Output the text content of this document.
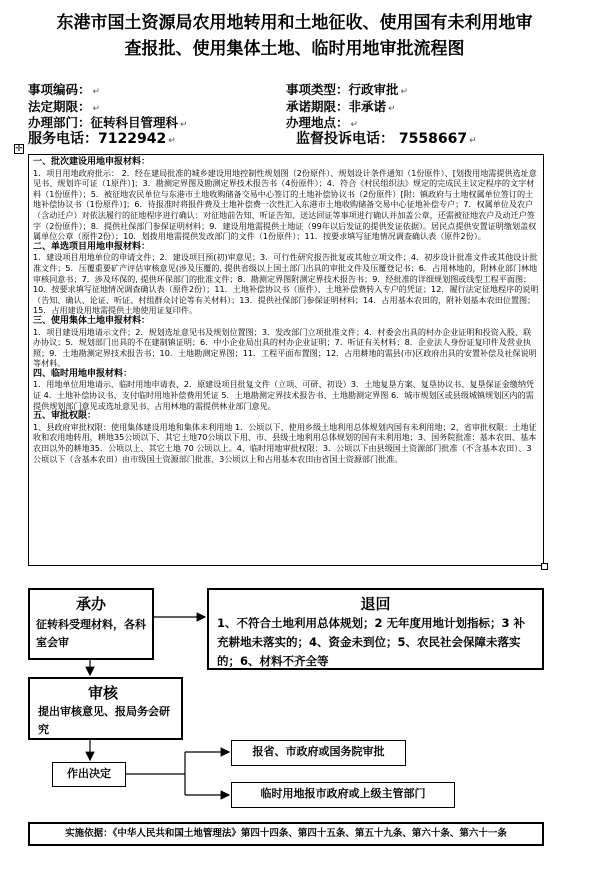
东港市国土资源局农用地转用和土地征收、使用国有未利用地审
查报批、使用集体土地、临时用地审批流程图
事项编码： ↵	事项类型：行政审批 ↵
法定期限： ↵	承诺期限：非承诺 ↵
办理部门：征转科目管理科 ↵	办理地点： ↵
服务电话：7122942 ↵	监督投诉电话： 7558667 ↵
✛

一、批次建设用地申报材料：

1．项目用地政府批示： 2．经在建局批准的城乡建设用地控制性规划图（2份原件）、规划设计条件通知（1份原件）、[划拨用地需提供选址意见书、规划许可证（1原件）]；3．勘测定界图及勘测定界技术报告书（4份原件）；4．符合《村民组织法》规定的完成民主议定程序的文字材料（1份原件）；5．被征地农民单位与东港市土地收购储备交易中心签订的土地补偿协议书（2份原件）[附：镇政府与土地权属单位签订的土地补偿协议书（1份原件）]；6．待报准时将报件费及土地补偿费一次性汇入东港市土地收购储备交易中心征地补偿专户；7．权属单位及农户（含动迁户）对依法履行的征地程序进行确认：对征地前告知、听证告知、送达回证等事项进行确认并加盖公章，还需被征地农户及动迁户签字（2份原件）；8．提供社保部门参保证明材料；9．建设用地需提供土地证（99年以后发证的提供发证依据）。居民点提供安置证明缴划盖权属单位公章（原件2份）；10．划拨用地需提供发改部门的文件（1份原件）；11．按要求填写征地情况调查确认表（原件2份）。

二、单选项目用地申报材料：

1．建设项目用地单位的申请文件；2．建设项目预(初)审意见；3．可行性研究报告批复或其他立项文件；4．初步设计批准文件或其他设计批准文件；5．压覆重要矿产评估审核意见(涉及压覆的, 提供省级以上国土部门出具的审批文件及压覆登记书；6．占用林地的，附林业部门林地审核同意书；7．涉及环保的, 提供环保部门的批准文件；8．勘测定界图附测定界技术报告书；9．经批准的详细规划图或线型工程平面图；10．按要求填写征地情况调查确认表（原件2份）；11．土地补偿协议书（原件）、土地补偿费转入专户的凭证；12．履行法定征地程序的说明（告知、确认、论证、听证、村组群众讨论等有关材料）；13．提供社保部门参保证明材料；14．占用基本农田的，附补划基本农田位置图；15．占用建设用地需提供土地使用证复印件。

三、使用集体土地申报材料：

1．项目建设用地请示文件；2．规划选址意见书及规划位置图；3．发改部门立项批准文件；4．村委会出具的村办企业证明和投资入股、联办协议；5．规划部门出具的不在建制镇证明；6．中小企业局出具的村办企业证明；7．听证有关材料；8．企业法人身份证复印件及营业执照；9．土地勘测定界技术报告书；10．土地勘测定界图；11．工程平面布置图；12．占用耕地的需县(市)区政府出具的安置补偿及社保说明等材料。

四、临时用地申报材料：

1．用地单位用地请示、临时用地申请表、2．原建设项目批复文件（立项、可研、初设）3．土地复垦方案、复垦协议书、复垦保证金缴纳凭证 4．土地补偿协议书、支付临时用地补偿费用凭证 5．土地勘测定界技术报告书、土地勘测定界图 6．城市规划区或县级城镇规划区内的需提供规划部门意见或选址意见书、占用林地的需提供林业部门意见。

五、审批权限：

1、县政府审批权限：使用集体建设用地和集体未利用地 1．公顷以下、使用乡级土地利用总体规划内国有未利用地；2、省审批权限：土地征收和农用地转用，耕地35公顷以下、其它土地70公顷以下用、市、县级土地利用总体规划的国有未利用地；3、国务院批准：基本农田、基本农田以外的耕地35．公顷以上、其它土地 70 公顷以上。4、临时用地审批权限：3．公顷以下由县级国土资源部门批准（不含基本农田）、3公顷以下（含基本农田）由市级国土资源部门批准、3公顷以上和占用基本农田由省国土资源部门批准。

承办
征转科受理材料，各科室会审
退回
1、不符合土地利用总体规划；2 无年度用地计划指标；3 补充耕地未落实的；4、资金未到位；5、农民社会保障未落实的；6、材料不齐全等
审核
提出审核意见、报局务会研究
作出决定
报省、市政府或国务院审批
临时用地报市政府或上级主管部门
实施依据：《中华人民共和国土地管理法》第四十四条、第四十五条、第五十九条、第六十条、第六十一条
